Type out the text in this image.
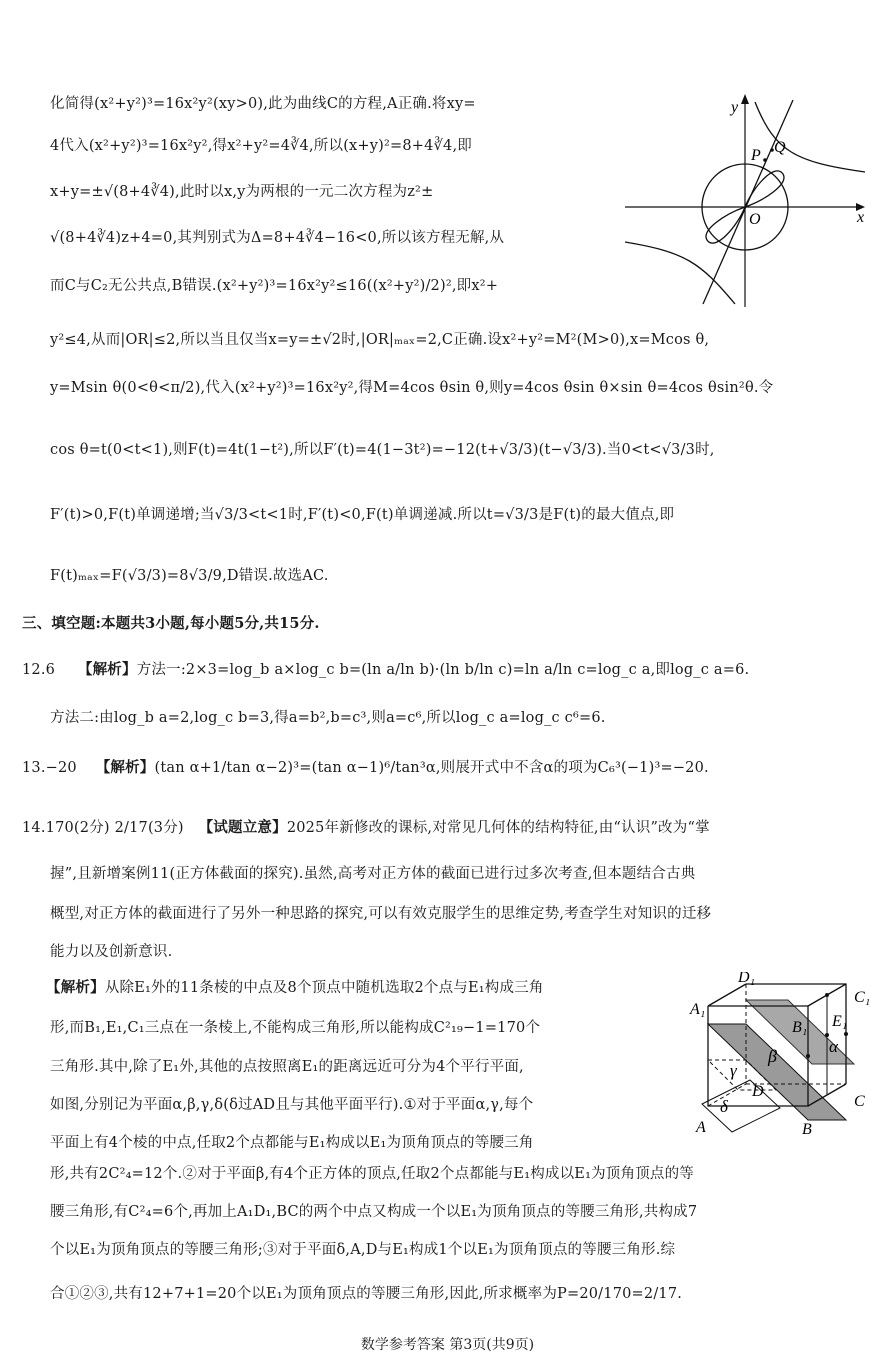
化简得(x²+y²)³=16x²y²(xy>0),此为曲线C的方程,A正确.将xy=
4代入(x²+y²)³=16x²y²,得x²+y²=4∛4,所以(x+y)²=8+4∛4,即
x+y=±√(8+4∛4),此时以x,y为两根的一元二次方程为z²±
√(8+4∛4)z+4=0,其判别式为Δ=8+4∛4−16<0,所以该方程无解,从
而C与C₂无公共点,B错误.(x²+y²)³=16x²y²≤16((x²+y²)/2)²,即x²+
y²≤4,从而|OR|≤2,所以当且仅当x=y=±√2时,|OR|ₘₐₓ=2,C正确.设x²+y²=M²(M>0),x=Mcos θ,
y=Msin θ(0<θ<π/2),代入(x²+y²)³=16x²y²,得M=4cos θsin θ,则y=4cos θsin θ×sin θ=4cos θsin²θ.令
cos θ=t(0<t<1),则F(t)=4t(1−t²),所以F′(t)=4(1−3t²)=−12(t+√3/3)(t−√3/3).当0<t<√3/3时,
F′(t)>0,F(t)单调递增;当√3/3<t<1时,F′(t)<0,F(t)单调递减.所以t=√3/3是F(t)的最大值点,即
F(t)ₘₐₓ=F(√3/3)=8√3/9,D错误.故选AC.
y
x
O
P Q
三、填空题:本题共3小题,每小题5分,共15分.
12.6 【解析】方法一:2×3=log_b a×log_c b=(ln a/ln b)·(ln b/ln c)=ln a/ln c=log_c a,即log_c a=6.
方法二:由log_b a=2,log_c b=3,得a=b²,b=c³,则a=c⁶,所以log_c a=log_c c⁶=6.
13.−20 【解析】(tan α+1/tan α−2)³=(tan α−1)⁶/tan³α,则展开式中不含α的项为C₆³(−1)³=−20.
14.170(2分) 2/17(3分) 【试题立意】2025年新修改的课标,对常见几何体的结构特征,由“认识”改为“掌
握”,且新增案例11(正方体截面的探究).虽然,高考对正方体的截面已进行过多次考查,但本题结合古典
概型,对正方体的截面进行了另外一种思路的探究,可以有效克服学生的思维定势,考查学生对知识的迁移
能力以及创新意识.
【解析】从除E₁外的11条棱的中点及8个顶点中随机选取2个点与E₁构成三角
形,而B₁,E₁,C₁三点在一条棱上,不能构成三角形,所以能构成C²₁₉−1=170个
三角形.其中,除了E₁外,其他的点按照离E₁的距离远近可分为4个平行平面,
如图,分别记为平面α,β,γ,δ(δ过AD且与其他平面平行).①对于平面α,γ,每个
平面上有4个棱的中点,任取2个点都能与E₁构成以E₁为顶角顶点的等腰三角
形,共有2C²₄=12个.②对于平面β,有4个正方体的顶点,任取2个点都能与E₁构成以E₁为顶角顶点的等
腰三角形,有C²₄=6个,再加上A₁D₁,BC的两个中点又构成一个以E₁为顶角顶点的等腰三角形,共构成7
个以E₁为顶角顶点的等腰三角形;③对于平面δ,A,D与E₁构成1个以E₁为顶角顶点的等腰三角形.综
合①②③,共有12+7+1=20个以E₁为顶角顶点的等腰三角形,因此,所求概率为P=20/170=2/17.
D₁
C₁
A₁
B₁ E₁
α
β
γ
δ
D
C
A	B
数学参考答案 第3页(共9页)
